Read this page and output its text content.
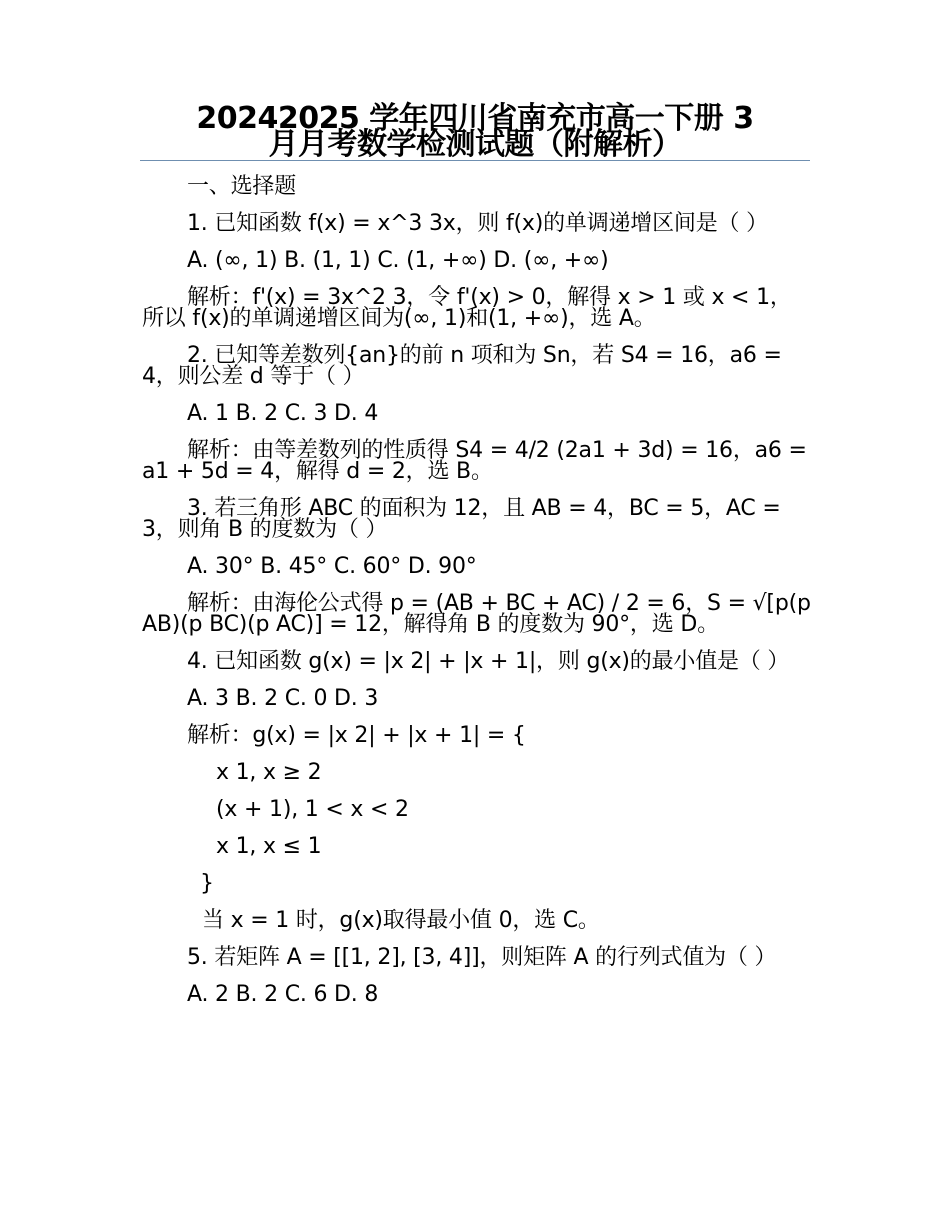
20242025 学年四川省南充市高一下册 3
月月考数学检测试题（附解析）

一、选择题

1. 已知函数 f(x) = x^3 3x，则 f(x)的单调递增区间是（ ）

A. (∞, 1) B. (1, 1) C. (1, +∞) D. (∞, +∞)

解析：f'(x) = 3x^2 3，令 f'(x) > 0，解得 x > 1 或 x < 1，所以 f(x)的单调递增区间为(∞, 1)和(1, +∞)，选 A。

2. 已知等差数列{an}的前 n 项和为 Sn，若 S4 = 16，a6 = 4，则公差 d 等于（ ）

A. 1 B. 2 C. 3 D. 4

解析：由等差数列的性质得 S4 = 4/2 (2a1 + 3d) = 16，a6 = a1 + 5d = 4，解得 d = 2，选 B。

3. 若三角形 ABC 的面积为 12，且 AB = 4，BC = 5，AC = 3，则角 B 的度数为（ ）

A. 30° B. 45° C. 60° D. 90°

解析：由海伦公式得 p = (AB + BC + AC) / 2 = 6，S = √[p(p AB)(p BC)(p AC)] = 12，解得角 B 的度数为 90°，选 D。

4. 已知函数 g(x) = |x 2| + |x + 1|，则 g(x)的最小值是（ ）

A. 3 B. 2 C. 0 D. 3

解析：g(x) = |x 2| + |x + 1| = {

x 1, x ≥ 2

(x + 1), 1 < x < 2

x 1, x ≤ 1

}

当 x = 1 时，g(x)取得最小值 0，选 C。

5. 若矩阵 A = [[1, 2], [3, 4]]，则矩阵 A 的行列式值为（ ）

A. 2 B. 2 C. 6 D. 8
